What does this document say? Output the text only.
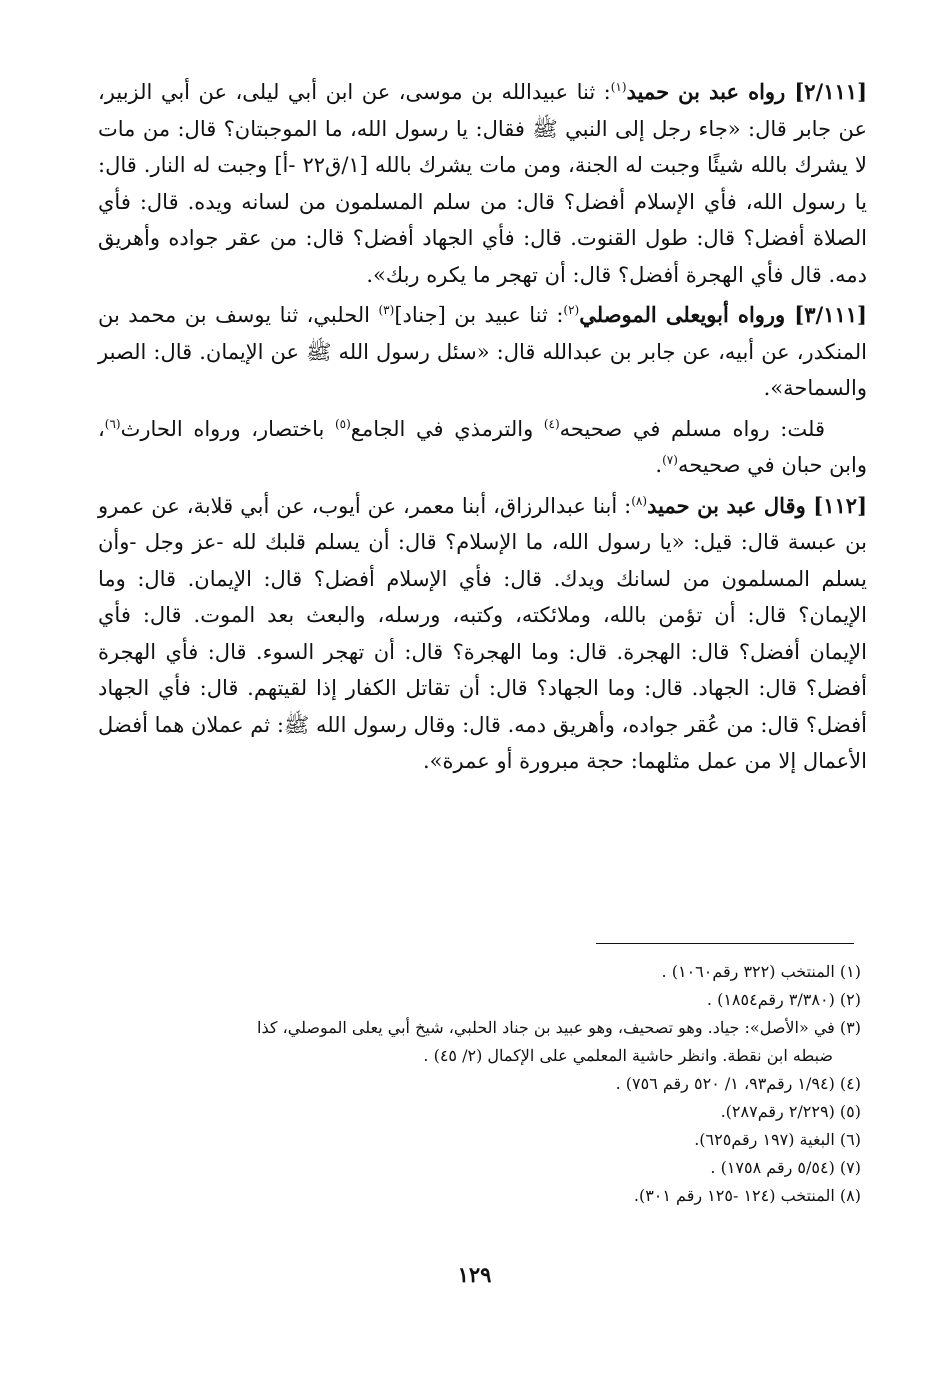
[٢/١١١] رواه عبد بن حميد$^{(١)}$: ثنا عبيدالله بن موسى، عن ابن أبي ليلى، عن أبي الزبير، عن جابر قال: «جاء رجل إلى النبي ﷺ فقال: يا رسول الله، ما الموجبتان؟ قال: من مات لا يشرك بالله شيئًا وجبت له الجنة، ومن مات يشرك بالله [١/ق٢٢ -أ] وجبت له النار. قال: يا رسول الله، فأي الإسلام أفضل؟ قال: من سلم المسلمون من لسانه ويده. قال: فأي الصلاة أفضل؟ قال: طول القنوت. قال: فأي الجهاد أفضل؟ قال: من عقر جواده وأهريق دمه. قال فأي الهجرة أفضل؟ قال: أن تهجر ما يكره ربك».

[٣/١١١] ورواه أبويعلى الموصلي$^{(٢)}$: ثنا عبيد بن [جناد]$^{(٣)}$ الحلبي، ثنا يوسف بن محمد بن المنكدر، عن أبيه، عن جابر بن عبدالله قال: «سئل رسول الله ﷺ عن الإيمان. قال: الصبر والسماحة».

قلت: رواه مسلم في صحيحه$^{(٤)}$ والترمذي في الجامع$^{(٥)}$ باختصار، ورواه الحارث$^{(٦)}$، وابن حبان في صحيحه$^{(٧)}$.

[١١٢] وقال عبد بن حميد$^{(٨)}$: أبنا عبدالرزاق، أبنا معمر، عن أيوب، عن أبي قلابة، عن عمرو بن عبسة قال: قيل: «يا رسول الله، ما الإسلام؟ قال: أن يسلم قلبك لله -عز وجل -وأن يسلم المسلمون من لسانك ويدك. قال: فأي الإسلام أفضل؟ قال: الإيمان. قال: وما الإيمان؟ قال: أن تؤمن بالله، وملائكته، وكتبه، ورسله، والبعث بعد الموت. قال: فأي الإيمان أفضل؟ قال: الهجرة. قال: وما الهجرة؟ قال: أن تهجر السوء. قال: فأي الهجرة أفضل؟ قال: الجهاد. قال: وما الجهاد؟ قال: أن تقاتل الكفار إذا لقيتهم. قال: فأي الجهاد أفضل؟ قال: من عُقر جواده، وأهريق دمه. قال: وقال رسول الله ﷺ: ثم عملان هما أفضل الأعمال إلا من عمل مثلهما: حجة مبرورة أو عمرة».

(١) المنتخب (٣٢٢ رقم١٠٦٠) .

(٢) (٣/٣٨٠ رقم١٨٥٤) .

(٣) في «الأصل»: جياد. وهو تصحيف، وهو عبيد بن جناد الحلبي، شيخ أبي يعلى الموصلي، كذا

ضبطه ابن نقطة. وانظر حاشية المعلمي على الإكمال (٢/ ٤٥) .

(٤) (١/٩٤ رقم٩٣، ١/ ٥٢٠ رقم ٧٥٦) .

(٥) (٢/٢٢٩ رقم٢٨٧).

(٦) البغية (١٩٧ رقم٦٢٥).

(٧) (٥/٥٤ رقم ١٧٥٨) .

(٨) المنتخب (١٢٤ -١٢٥ رقم ٣٠١).

١٢٩
